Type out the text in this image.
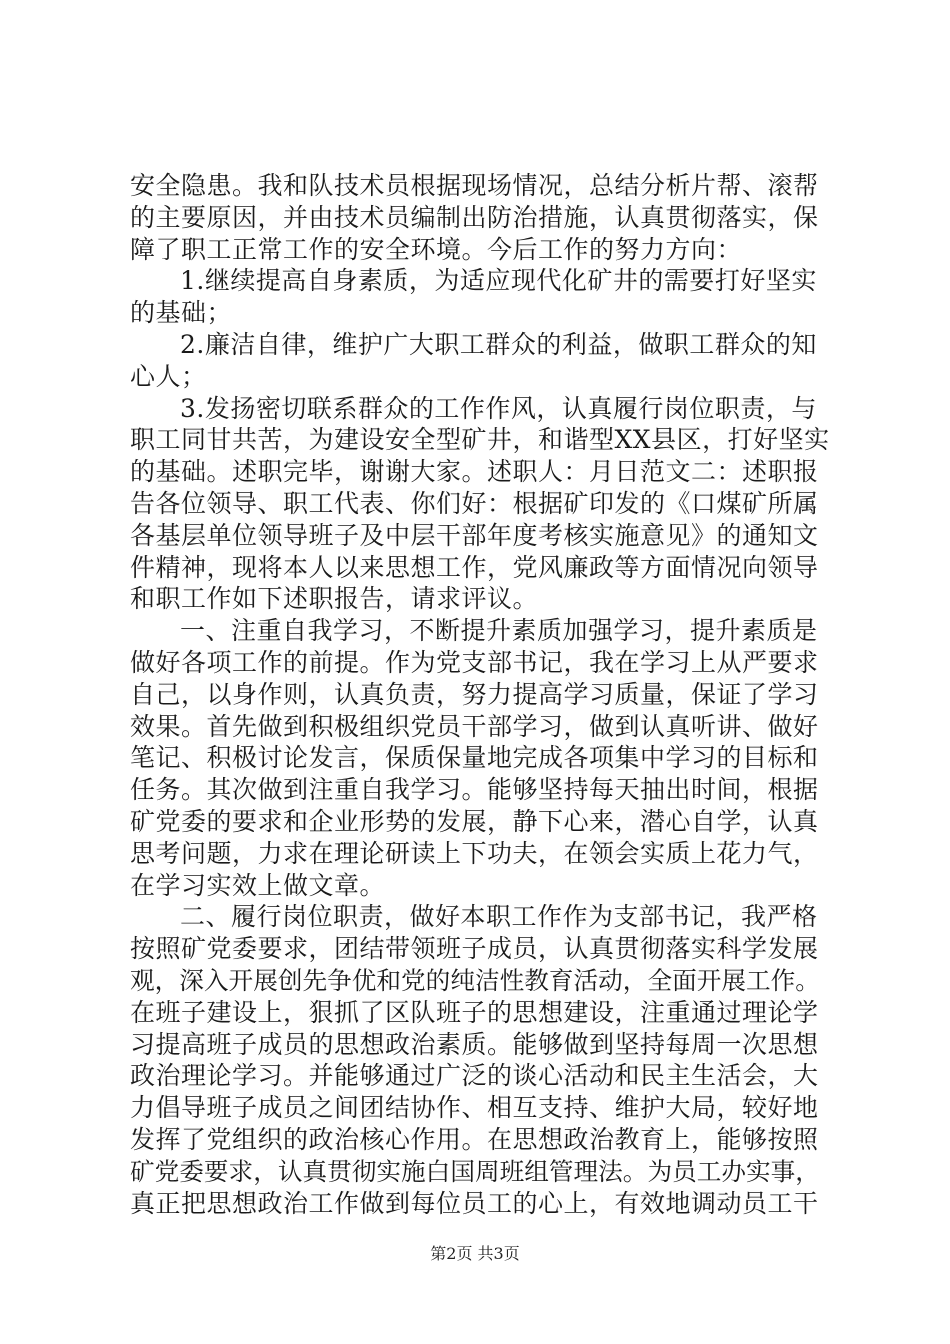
安全隐患。我和队技术员根据现场情况，总结分析片帮、滚帮
的主要原因，并由技术员编制出防治措施，认真贯彻落实，保
障了职工正常工作的安全环境。今后工作的努力方向：
1.继续提高自身素质，为适应现代化矿井的需要打好坚实
的基础；
2.廉洁自律，维护广大职工群众的利益，做职工群众的知
心人；
3.发扬密切联系群众的工作作风，认真履行岗位职责，与
职工同甘共苦，为建设安全型矿井，和谐型XX县区，打好坚实
的基础。述职完毕，谢谢大家。述职人：月日范文二：述职报
告各位领导、职工代表、你们好：根据矿印发的《口煤矿所属
各基层单位领导班子及中层干部年度考核实施意见》的通知文
件精神，现将本人以来思想工作，党风廉政等方面情况向领导
和职工作如下述职报告，请求评议。
一、注重自我学习，不断提升素质加强学习，提升素质是
做好各项工作的前提。作为党支部书记，我在学习上从严要求
自己，以身作则，认真负责，努力提高学习质量，保证了学习
效果。首先做到积极组织党员干部学习，做到认真听讲、做好
笔记、积极讨论发言，保质保量地完成各项集中学习的目标和
任务。其次做到注重自我学习。能够坚持每天抽出时间，根据
矿党委的要求和企业形势的发展，静下心来，潜心自学，认真
思考问题，力求在理论研读上下功夫，在领会实质上花力气，
在学习实效上做文章。
二、履行岗位职责，做好本职工作作为支部书记，我严格
按照矿党委要求，团结带领班子成员，认真贯彻落实科学发展
观，深入开展创先争优和党的纯洁性教育活动，全面开展工作。
在班子建设上，狠抓了区队班子的思想建设，注重通过理论学
习提高班子成员的思想政治素质。能够做到坚持每周一次思想
政治理论学习。并能够通过广泛的谈心活动和民主生活会，大
力倡导班子成员之间团结协作、相互支持、维护大局，较好地
发挥了党组织的政治核心作用。在思想政治教育上，能够按照
矿党委要求，认真贯彻实施白国周班组管理法。为员工办实事，
真正把思想政治工作做到每位员工的心上，有效地调动员工干
第2页 共3页
